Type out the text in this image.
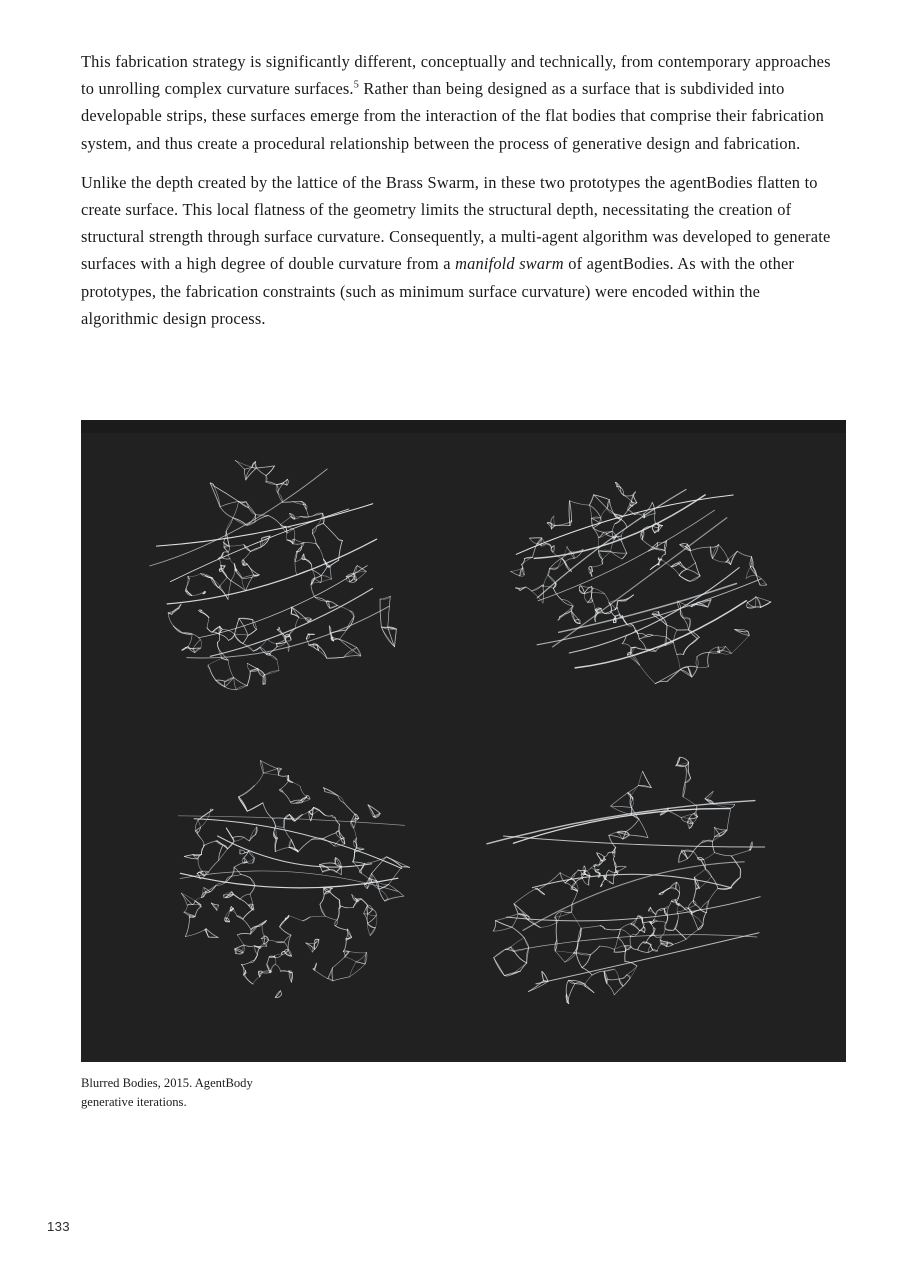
This fabrication strategy is significantly different, conceptually and technically, from contemporary approaches to unrolling complex curvature surfaces.$^5$ Rather than being designed as a surface that is subdivided into developable strips, these surfaces emerge from the interaction of the flat bodies that comprise their fabrication system, and thus create a procedural relationship between the process of generative design and fabrication.

Unlike the depth created by the lattice of the Brass Swarm, in these two prototypes the agentBodies flatten to create surface. This local flatness of the geometry limits the structural depth, necessitating the creation of structural strength through surface curvature. Consequently, a multi-agent algorithm was developed to generate surfaces with a high degree of double curvature from a manifold swarm of agentBodies. As with the other prototypes, the fabrication constraints (such as minimum surface curvature) were encoded within the algorithmic design process.

Blurred Bodies, 2015. AgentBody
generative iterations.
133
